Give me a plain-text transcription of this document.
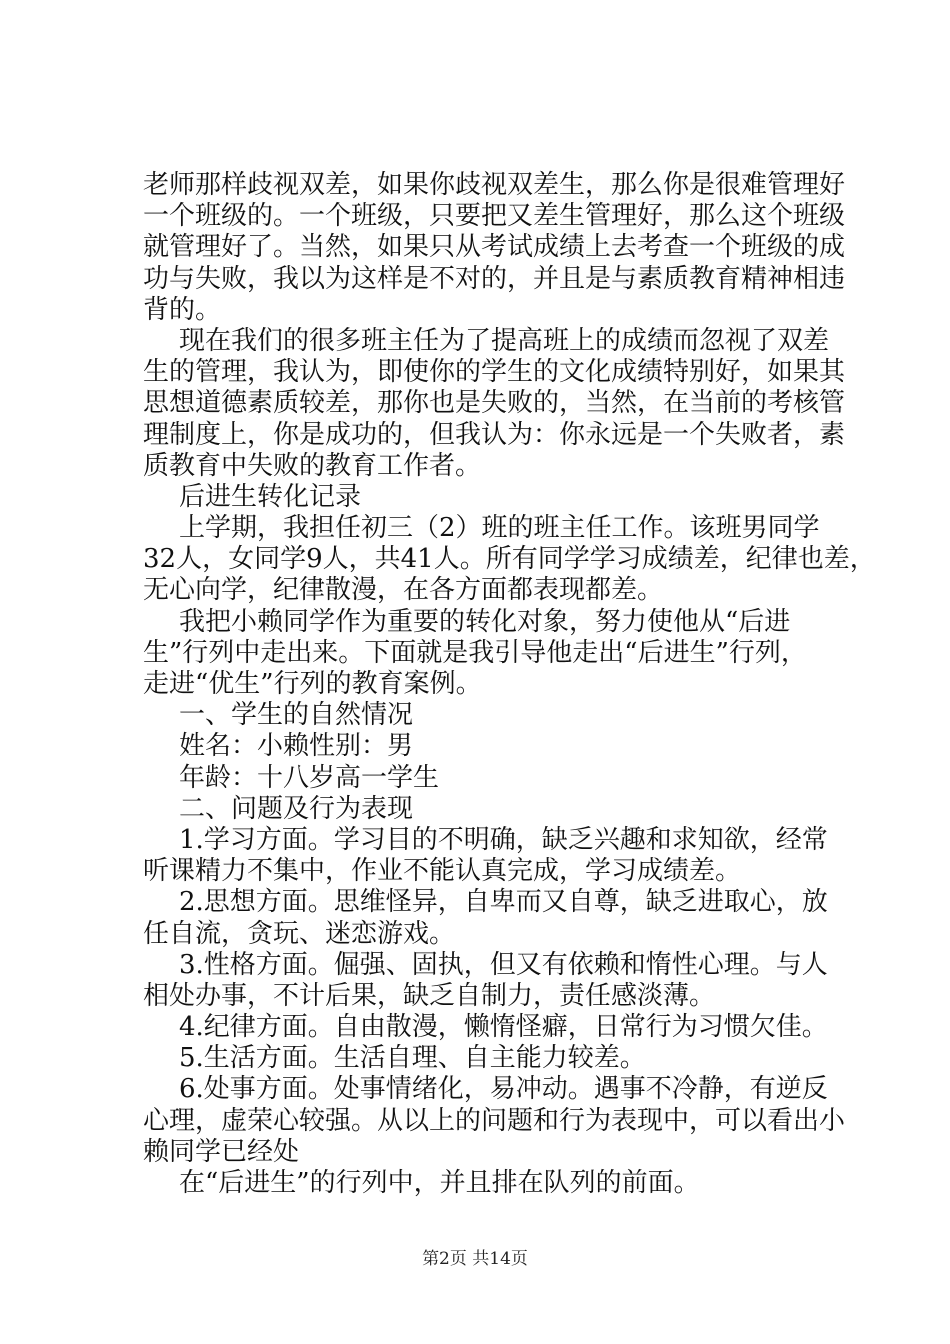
老师那样歧视双差，如果你歧视双差生，那么你是很难管理好
一个班级的。一个班级，只要把又差生管理好，那么这个班级
就管理好了。当然，如果只从考试成绩上去考查一个班级的成
功与失败，我以为这样是不对的，并且是与素质教育精神相违
背的。
现在我们的很多班主任为了提高班上的成绩而忽视了双差
生的管理，我认为，即使你的学生的文化成绩特别好，如果其
思想道德素质较差，那你也是失败的，当然，在当前的考核管
理制度上，你是成功的，但我认为：你永远是一个失败者，素
质教育中失败的教育工作者。
后进生转化记录
上学期，我担任初三（2）班的班主任工作。该班男同学
32人，女同学9人，共41人。所有同学学习成绩差，纪律也差，
无心向学，纪律散漫，在各方面都表现都差。
我把小赖同学作为重要的转化对象，努力使他从“后进
生”行列中走出来。下面就是我引导他走出“后进生”行列，
走进“优生”行列的教育案例。
一、学生的自然情况
姓名：小赖性别：男
年龄：十八岁高一学生
二、问题及行为表现
1.学习方面。学习目的不明确，缺乏兴趣和求知欲，经常
听课精力不集中，作业不能认真完成，学习成绩差。
2.思想方面。思维怪异，自卑而又自尊，缺乏进取心，放
任自流，贪玩、迷恋游戏。
3.性格方面。倔强、固执，但又有依赖和惰性心理。与人
相处办事，不计后果，缺乏自制力，责任感淡薄。
4.纪律方面。自由散漫，懒惰怪癖，日常行为习惯欠佳。
5.生活方面。生活自理、自主能力较差。
6.处事方面。处事情绪化，易冲动。遇事不冷静，有逆反
心理，虚荣心较强。从以上的问题和行为表现中，可以看出小
赖同学已经处
在“后进生”的行列中，并且排在队列的前面。
第2页 共14页
